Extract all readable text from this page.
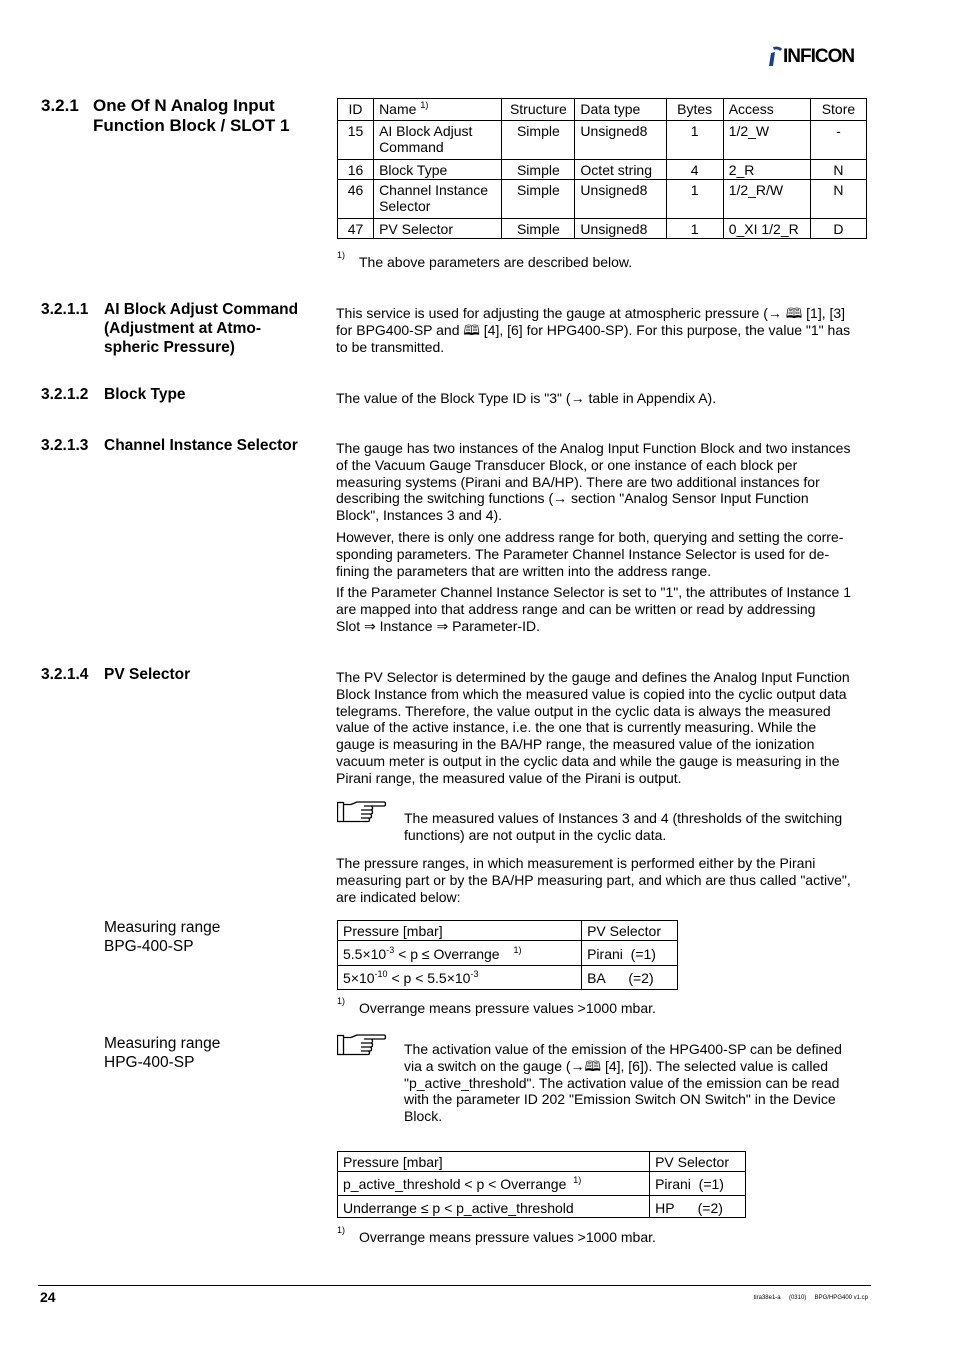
INFICON
3.2.1 One Of N Analog Input
Function Block / SLOT 1
ID	Name $^{1)}$	Structure	Data type	Bytes	Access	Store
15	AI Block Adjust Command	Simple	Unsigned8	1	1/2_W	-
16	Block Type	Simple	Octet string	4	2_R	N
46	Channel Instance Selector	Simple	Unsigned8	1	1/2_R/W	N
47	PV Selector	Simple	Unsigned8	1	0_XI 1/2_R	D
1) The above parameters are described below.
3.2.1.1 AI Block Adjust Command
(Adjustment at Atmo-
spheric Pressure)
This service is used for adjusting the gauge at atmospheric pressure (→ 🕮 [1], [3]
for BPG400-SP and 🕮 [4], [6] for HPG400-SP). For this purpose, the value "1" has
to be transmitted.
3.2.1.2 Block Type	The value of the Block Type ID is "3" (→ table in Appendix A).
3.2.1.3 Channel Instance Selector	The gauge has two instances of the Analog Input Function Block and two instances
of the Vacuum Gauge Transducer Block, or one instance of each block per
measuring systems (Pirani and BA/HP). There are two additional instances for
describing the switching functions (→ section "Analog Sensor Input Function
Block", Instances 3 and 4).
However, there is only one address range for both, querying and setting the corre-
sponding parameters. The Parameter Channel Instance Selector is used for de-
fining the parameters that are written into the address range.
If the Parameter Channel Instance Selector is set to "1", the attributes of Instance 1
are mapped into that address range and can be written or read by addressing
Slot ⇒ Instance ⇒ Parameter-ID.
3.2.1.4 PV Selector	The PV Selector is determined by the gauge and defines the Analog Input Function
Block Instance from which the measured value is copied into the cyclic output data
telegrams. Therefore, the value output in the cyclic data is always the measured
value of the active instance, i.e. the one that is currently measuring. While the
gauge is measuring in the BA/HP range, the measured value of the ionization
vacuum meter is output in the cyclic data and while the gauge is measuring in the
Pirani range, the measured value of the Pirani is output.
The measured values of Instances 3 and 4 (thresholds of the switching
functions) are not output in the cyclic data.
The pressure ranges, in which measurement is performed either by the Pirani
measuring part or by the BA/HP measuring part, and which are thus called "active",
are indicated below:
Measuring range
BPG-400-SP
Pressure [mbar]	PV Selector
$5.5\times 10^{-3} < p$ ≤ Overrange $^{1)}$	Pirani  (=1)
$5\times 10^{-10} < p < 5.5\times 10^{-3}$	BA      (=2)
1) Overrange means pressure values >1000 mbar.
Measuring range
HPG-400-SP
The activation value of the emission of the HPG400-SP can be defined
via a switch on the gauge (→🕮 [4], [6]). The selected value is called
"p_active_threshold". The activation value of the emission can be read
with the parameter ID 202 "Emission Switch ON Switch" in the Device
Block.
Pressure [mbar]	PV Selector
p_active_threshold < p < Overrange $^{1)}$	Pirani  (=1)
Underrange ≤ p < p_active_threshold	HP      (=2)
1) Overrange means pressure values >1000 mbar.
24	tira38e1-a     (0310)     BPG/HPG400 v1.cp
